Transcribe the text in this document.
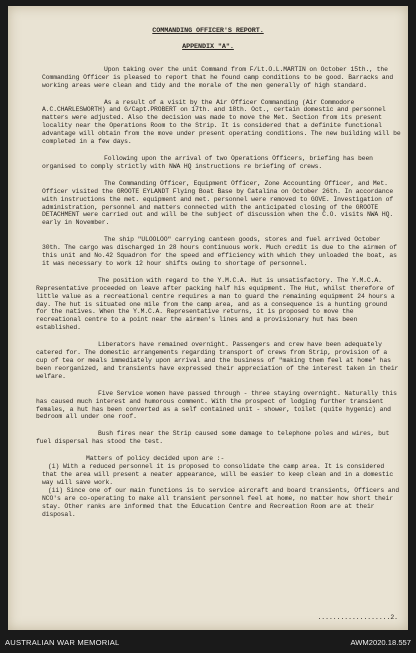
COMMANDING OFFICER'S REPORT.
APPENDIX "A".

Upon taking over the unit Command from F/Lt.O.L.MARTIN on October 15th., the Commanding Officer is pleased to report that he found camp conditions to be good. Barracks and working areas were clean and tidy and the morale of the men generally of high standard.

As a result of a visit by the Air Officer Commanding (Air Commodore A.C.CHARLESWORTH) and G/Capt.PROBERT on 17th. and 18th. Oct., certain domestic and personnel matters were adjusted. Also the decision was made to move the Met. Section from its present locality near the Operations Room to the Strip. It is considered that a definite functional advantage will obtain from the move under present operating conditions. The new building will be completed in a few days.

Following upon the arrival of two Operations Officers, briefing has been organised to comply strictly with NWA HQ instructions re briefing of crews.

The Commanding Officer, Equipment Officer, Zone Accounting Officer, and Met. Officer visited the GROOTE EYLANDT Flying Boat Base by Catalina on October 26th. In accordance with instructions the met. equipment and met. personnel were removed to GOVE. Investigation of administration, personnel and matters connected with the anticipated closing of the GROOTE DETACHMENT were carried out and will be the subject of discussion when the C.O. visits NWA HQ. early in November.

The ship "ULOOLOO" carrying canteen goods, stores and fuel arrived October 30th. The cargo was discharged in 28 hours continuous work. Much credit is due to the airmen of this unit and No.42 Squadron for the speed and efficiency with which they unloaded the boat, as it was necessary to work 12 hour shifts owing to shortage of personnel.

The position with regard to the Y.M.C.A. Hut is unsatisfactory. The Y.M.C.A. Representative proceeded on leave after packing half his equipment. The Hut, whilst therefore of little value as a recreational centre requires a man to guard the remaining equipment 24 hours a day. The hut is situated one mile from the camp area, and as a consequence is a hunting ground for the natives. When the Y.M.C.A. Representative returns, it is proposed to move the recreational centre to a point near the airmen's lines and a provisionary hut has been established.

Liberators have remained overnight. Passengers and crew have been adequately catered for. The domestic arrangements regarding transport of crews from Strip, provision of a cup of tea or meals immediately upon arrival and the business of "making them feel at home" has been reorganized, and transients have expressed their appreciation of the interest taken in their welfare.

Five Service women have passed through - three staying overnight. Naturally this has caused much interest and humorous comment. With the prospect of lodging further transient females, a hut has been converted as a self contained unit - shower, toilet (quite hygenic) and bedroom all under one roof.

Bush fires near the Strip caused some damage to telephone poles and wires, but fuel dispersal has stood the test.

Matters of policy decided upon are :-

(i) With a reduced personnel it is proposed to consolidate the camp area. It is considered that the area will present a neater appearance, will be easier to keep clean and in a domestic way will save work.

(ii) Since one of our main functions is to service aircraft and board transients, Officers and NCO's are co-operating to make all transient personnel feel at home, no matter how short their stay. Other ranks are informed that the Education Centre and Recreation Room are at their disposal.

...................2.
AUSTRALIAN WAR MEMORIAL	AWM2020.18.557
